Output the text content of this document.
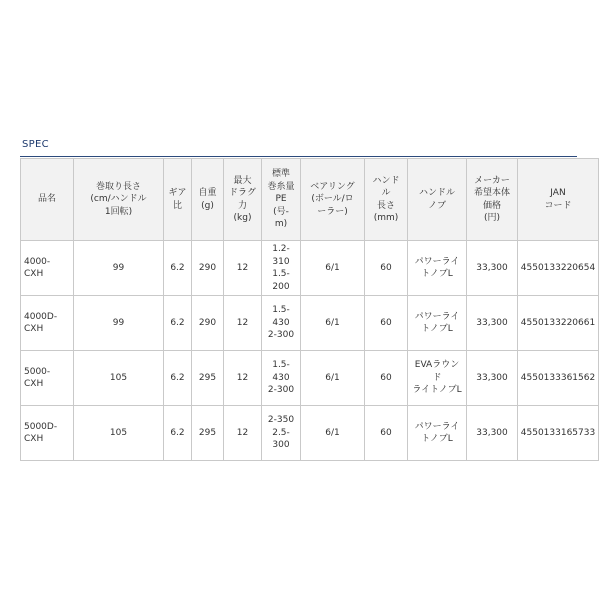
SPEC
品名	巻取り長さ
(cm/ハンドル
1回転)	ギア
比	自重
(g)	最大
ドラグ
力
(kg)	標準
巻糸量
PE
(号-
m)	ベアリング
(ボール/ロ
ーラー)	ハンド
ル
長さ
(mm)	ハンドル
ノブ	メーカー
希望本体
価格
(円)	JAN
コード

4000-
CXH	99	6.2	290	12	1.2-
310
1.5-
200	6/1	60	パワーライ
トノブL	33,300	4550133220654

4000D-
CXH	99	6.2	290	12	1.5-
430
2-300	6/1	60	パワーライ
トノブL	33,300	4550133220661

5000-
CXH	105	6.2	295	12	1.5-
430
2-300	6/1	60	EVAラウン
ド
ライトノブL	33,300	4550133361562

5000D-
CXH	105	6.2	295	12	2-350
2.5-
300	6/1	60	パワーライ
トノブL	33,300	4550133165733
